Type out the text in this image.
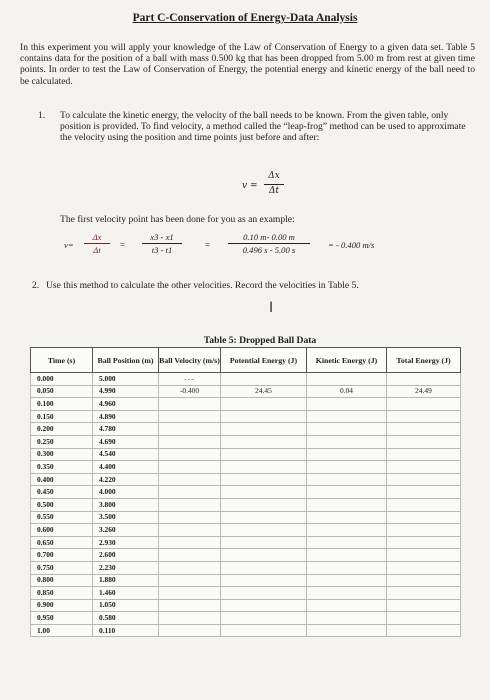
Part C-Conservation of Energy-Data Analysis
In this experiment you will apply your knowledge of the Law of Conservation of Energy to a given data set. Table 5 contains data for the position of a ball with mass 0.500 kg that has been dropped from 5.00 m from rest at given time points. In order to test the Law of Conservation of Energy, the potential energy and kinetic energy of the ball need to be calculated.
1. To calculate the kinetic energy, the velocity of the ball needs to be known. From the given table, only position is provided. To find velocity, a method called the “leap-frog” method can be used to approximate the velocity using the position and time points just before and after:
v =
Δx
Δt
The first velocity point has been done for you as an example:
v=
Δx
Δt	=
x3 - x1
t3 - t1	=
0.10 m- 0.00 m
0.496 s - 5.00 s	= - 0.400 m/s
2. Use this method to calculate the other velocities. Record the velocities in Table 5.
I
Table 5: Dropped Ball Data
Time (s)	Ball Position (m)	Ball Velocity (m/s)	Potential Energy (J)	Kinetic Energy (J)	Total Energy (J)
0.000	5.000	---			
0.050	4.990	-0.400	24.45	0.04	24.49
0.100	4.960				
0.150	4.890				
0.200	4.780				
0.250	4.690				
0.300	4.540				
0.350	4.400				
0.400	4.220				
0.450	4.000				
0.500	3.800				
0.550	3.500				
0.600	3.260				
0.650	2.930				
0.700	2.600				
0.750	2.230				
0.800	1.880				
0.850	1.460				
0.900	1.050				
0.950	0.580				
1.00	0.110				
